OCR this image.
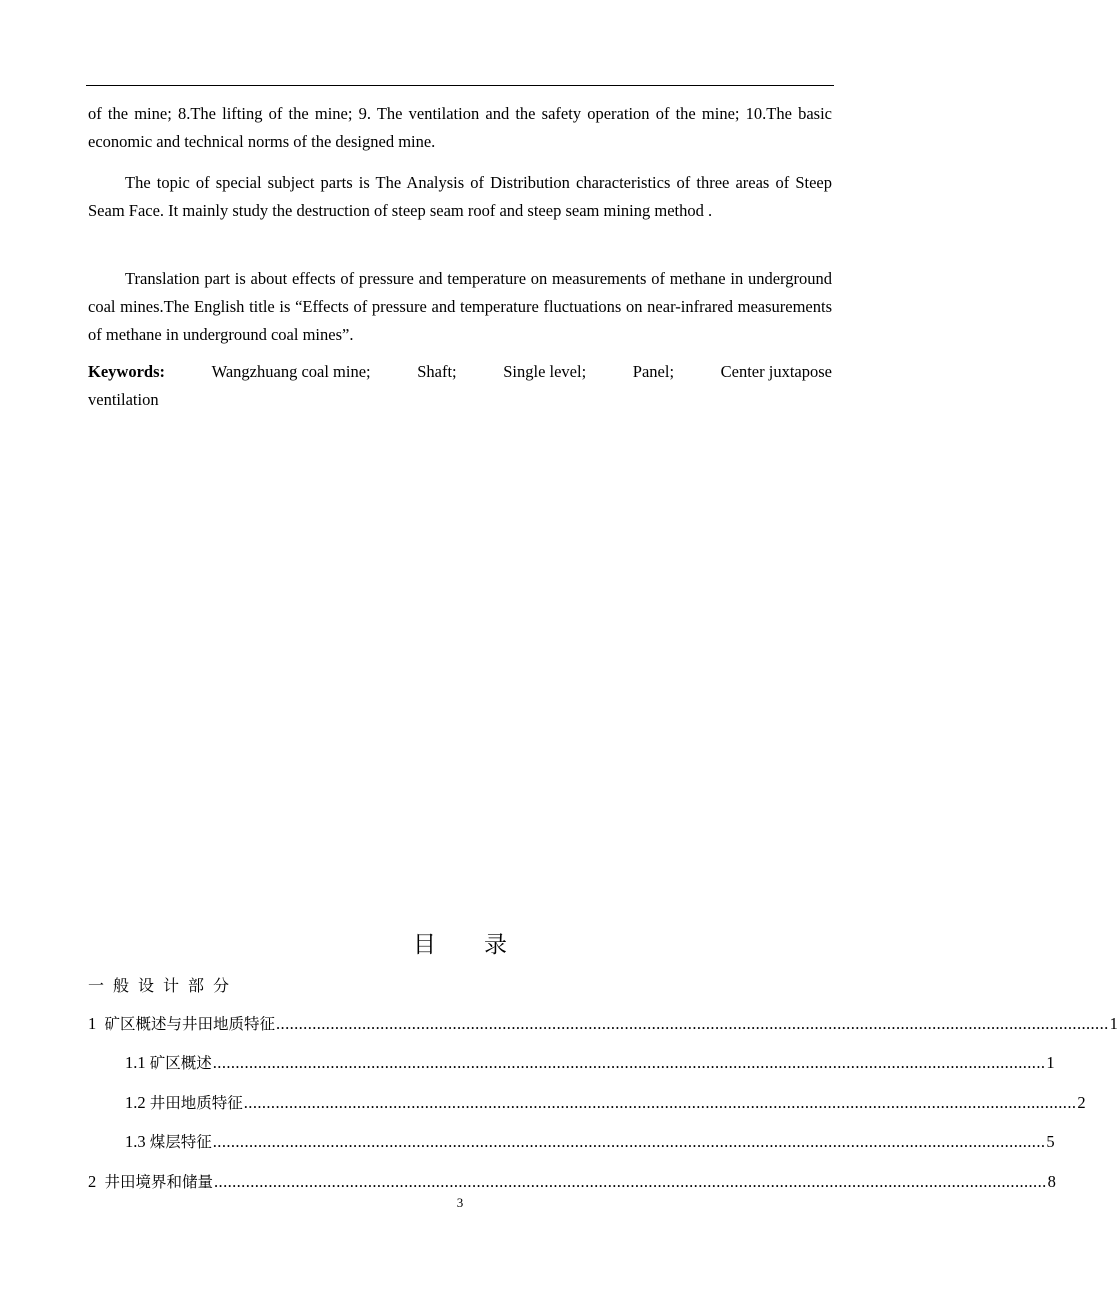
of the mine; 8.The lifting of the mine; 9. The ventilation and the safety operation of the mine; 10.The basic economic and technical norms of the designed mine.

The topic of special subject parts is The Analysis of Distribution characteristics of three areas of Steep Seam Face. It mainly study the destruction of steep seam roof and steep seam mining method .

Translation part is about effects of pressure and temperature on measurements of methane in underground coal mines.The English title is “Effects of pressure and temperature fluctuations on near-infrared measurements of methane in underground coal mines”.

Keywords:	Wangzhuang coal mine;	Shaft;	Single level;	Panel;	Center juxtapose
ventilation
目 录
一般设计部分
1 矿区概述与井田地质特征 ........................................................................................................................................................................................ 1
1.1 矿区概述 ........................................................................................................................................................................................ 1
1.2 井田地质特征 ........................................................................................................................................................................................ 2
1.3 煤层特征 ........................................................................................................................................................................................ 5
2 井田境界和储量 ........................................................................................................................................................................................ 8
3
